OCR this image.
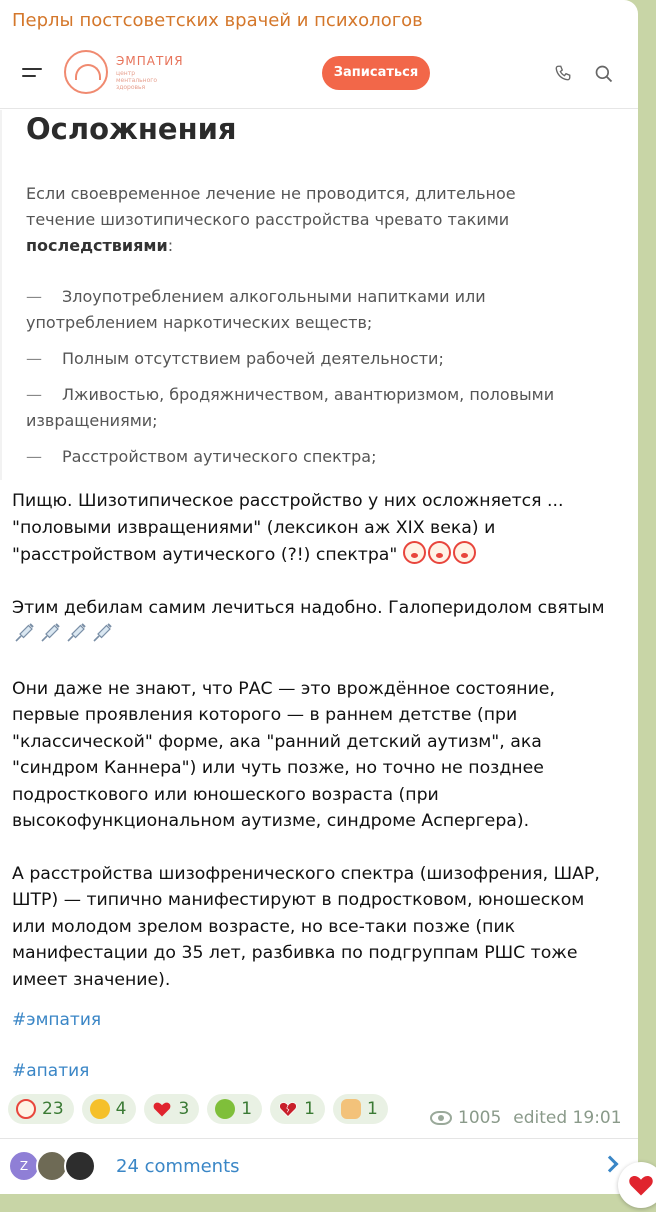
Перлы постсоветских врачей и психологов
ЭМПАТИЯ
центр ментального здоровья
Записаться
Осложнения
Если своевременное лечение не проводится, длительное течение шизотипического расстройства чревато такими последствиями:
— Злоупотреблением алкогольными напитками или употреблением наркотических веществ;
— Полным отсутствием рабочей деятельности;
— Лживостью, бродяжничеством, авантюризмом, половыми извращениями;
— Расстройством аутического спектра;

Пищю. Шизотипическое расстройство у них осложняется ... "половыми извращениями" (лексикон аж XIX века) и "расстройством аутического (?!) спектра"

Этим дебилам самим лечиться надобно. Галоперидолом святым

Они даже не знают, что РАС — это врождённое состояние, первые проявления которого — в раннем детстве (при "классической" форме, ака "ранний детский аутизм", ака "синдром Каннера") или чуть позже, но точно не позднее подросткового или юношеского возраста (при высокофункциональном аутизме, синдроме Аспергера).

А расстройства шизофренического спектра (шизофрения, ШАР, ШТР) — типично манифестируют в подростковом, юношеском или молодом зрелом возрасте, но все-таки позже (пик манифестации до 35 лет, разбивка по подгруппам РШС тоже имеет значение).

#эмпатия
#апатия
23	4	3	1	1	1	1005 edited 19:01
Z	24 comments
